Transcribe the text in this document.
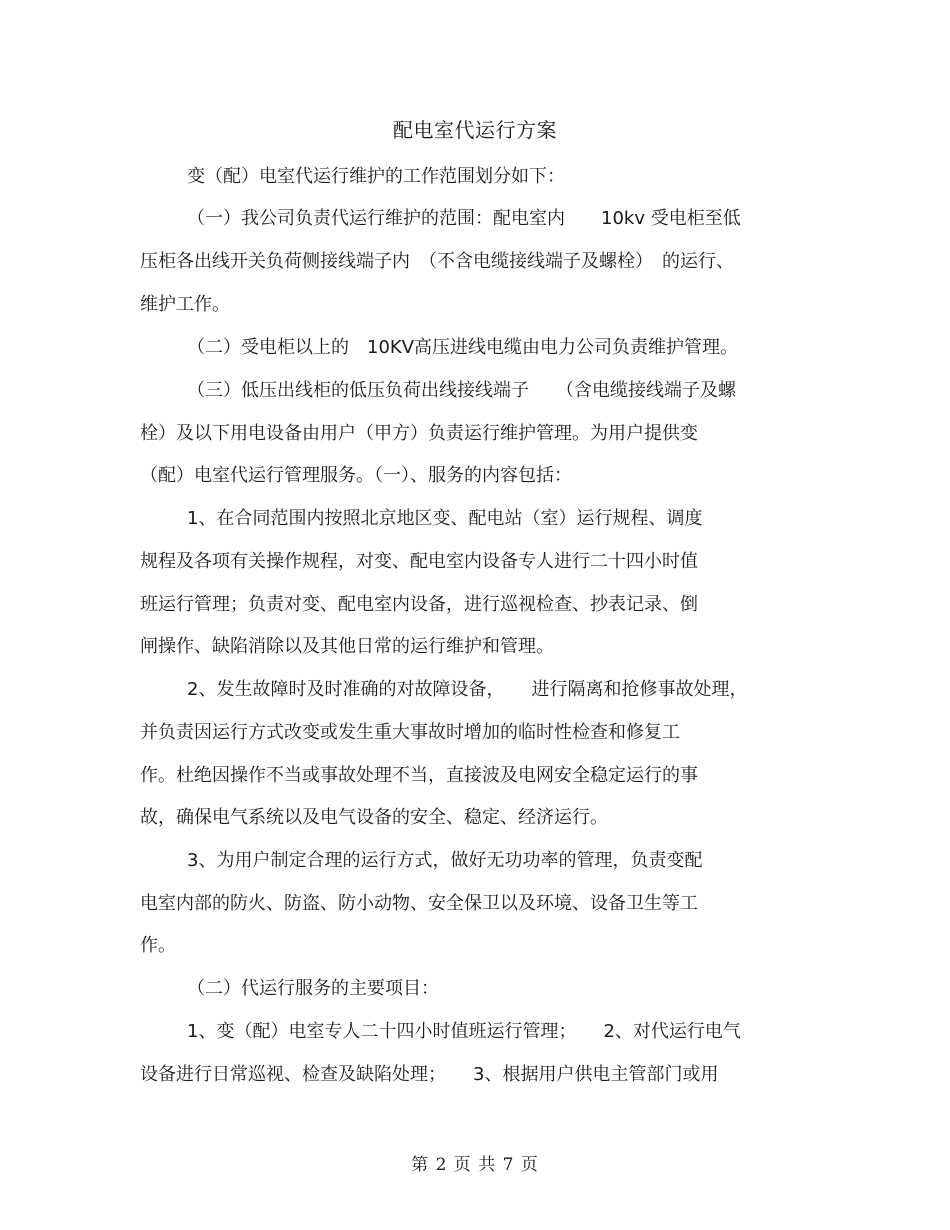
配电室代运行方案
变（配）电室代运行维护的工作范围划分如下：
（一）我公司负责代运行维护的范围：配电室内　　10kv 受电柜至低
压柜各出线开关负荷侧接线端子内　（不含电缆接线端子及螺栓）　的运行、
维护工作。
（二）受电柜以上的　10KV高压进线电缆由电力公司负责维护管理。
（三）低压出线柜的低压负荷出线接线端子　　（含电缆接线端子及螺
栓）及以下用电设备由用户（甲方）负责运行维护管理。为用户提供变
（配）电室代运行管理服务。（一）、服务的内容包括：
1、在合同范围内按照北京地区变、配电站（室）运行规程、调度
规程及各项有关操作规程，对变、配电室内设备专人进行二十四小时值
班运行管理；负责对变、配电室内设备，进行巡视检查、抄表记录、倒
闸操作、缺陷消除以及其他日常的运行维护和管理。
2、发生故障时及时准确的对故障设备，　　进行隔离和抢修事故处理，
并负责因运行方式改变或发生重大事故时增加的临时性检查和修复工
作。杜绝因操作不当或事故处理不当，直接波及电网安全稳定运行的事
故，确保电气系统以及电气设备的安全、稳定、经济运行。
3、为用户制定合理的运行方式，做好无功功率的管理，负责变配
电室内部的防火、防盗、防小动物、安全保卫以及环境、设备卫生等工
作。
（二）代运行服务的主要项目：
1、变（配）电室专人二十四小时值班运行管理；　　2、对代运行电气
设备进行日常巡视、检查及缺陷处理；　　3、根据用户供电主管部门或用
第 2 页 共 7 页
